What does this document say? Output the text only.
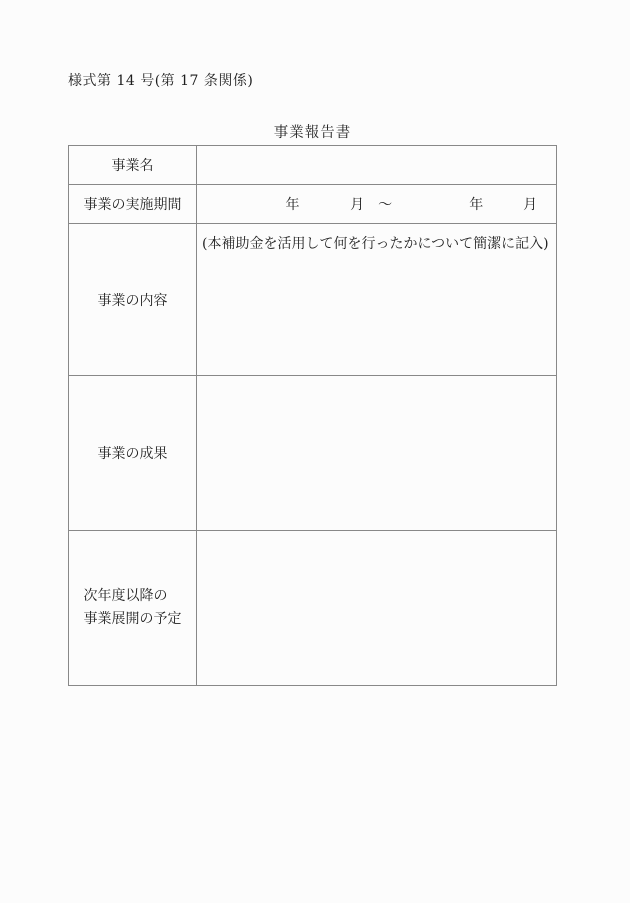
様式第 14 号(第 17 条関係)
事業報告書
事業名	
事業の実施期間	年 月 〜 年 月

事業の内容	(本補助金を活用して何を行ったかについて簡潔に記入)
事業の成果	

次年度以降の
事業展開の予定	
